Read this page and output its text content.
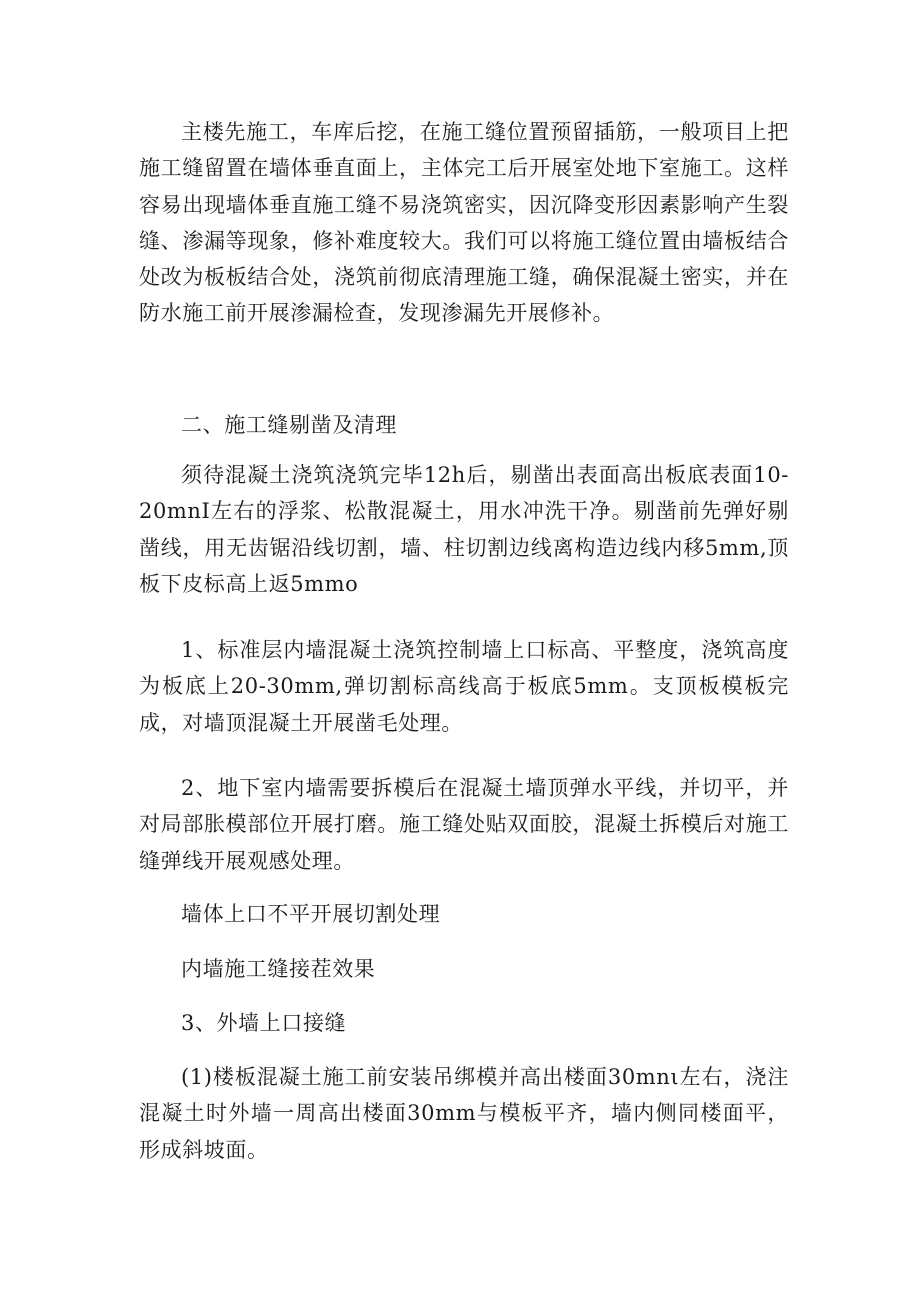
主楼先施工，车库后挖，在施工缝位置预留插筋，一般项目上把施工缝留置在墙体垂直面上，主体完工后开展室处地下室施工。这样容易出现墙体垂直施工缝不易浇筑密实，因沉降变形因素影响产生裂缝、渗漏等现象，修补难度较大。我们可以将施工缝位置由墙板结合处改为板板结合处，浇筑前彻底清理施工缝，确保混凝土密实，并在防水施工前开展渗漏检查，发现渗漏先开展修补。

二、施工缝剔凿及清理

须待混凝土浇筑浇筑完毕12h后，剔凿出表面高出板底表面10-20mnI左右的浮浆、松散混凝土，用水冲洗干净。剔凿前先弹好剔凿线，用无齿锯沿线切割，墙、柱切割边线离构造边线内移5mm,顶板下皮标高上返5mmo

1、标准层内墙混凝土浇筑控制墙上口标高、平整度，浇筑高度为板底上20-30mm,弹切割标高线高于板底5mm。支顶板模板完成，对墙顶混凝土开展凿毛处理。

2、地下室内墙需要拆模后在混凝土墙顶弹水平线，并切平，并对局部胀模部位开展打磨。施工缝处贴双面胶，混凝土拆模后对施工缝弹线开展观感处理。

墙体上口不平开展切割处理

内墙施工缝接茬效果

3、外墙上口接缝

(1)楼板混凝土施工前安装吊绑模并高出楼面30mnι左右，浇注混凝土时外墙一周高出楼面30mm与模板平齐，墙内侧同楼面平，形成斜坡面。
